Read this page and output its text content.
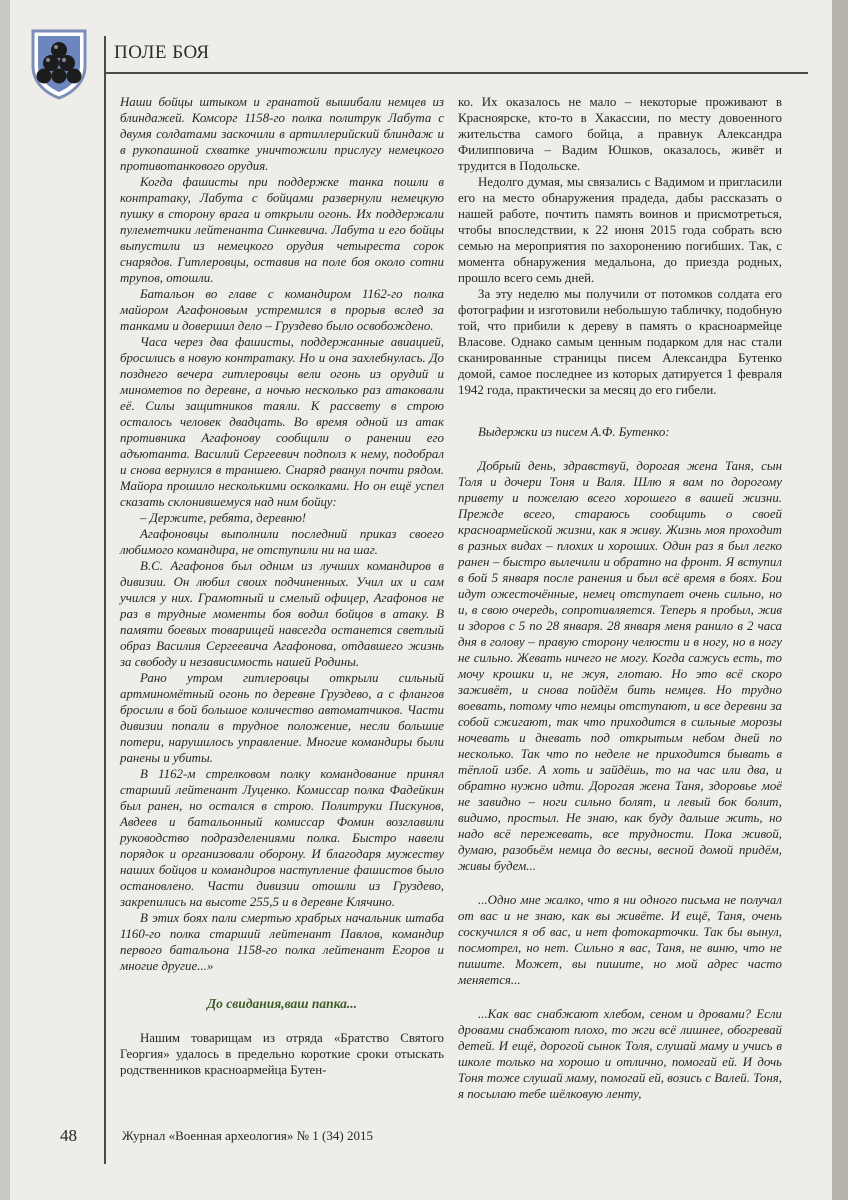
ПОЛЕ БОЯ

Наши бойцы штыком и гранатой вышибали немцев из блиндажей. Комсорг 1158-го полка политрук Лабута с двумя солдатами заскочили в артиллерийский блиндаж и в рукопашной схватке уничтожили прислугу немецкого противотанкового орудия.

Когда фашисты при поддержке танка пошли в контратаку, Лабута с бойцами развернули немецкую пушку в сторону врага и открыли огонь. Их поддержали пулеметчики лейтенанта Синкевича. Лабута и его бойцы выпустили из немецкого орудия четыреста сорок снарядов. Гитлеровцы, оставив на поле боя около сотни трупов, отошли.

Батальон во главе с командиром 1162-го полка майором Агафоновым устремился в прорыв вслед за танками и довершил дело – Груздево было освобождено.

Часа через два фашисты, поддержанные авиацией, бросились в новую контратаку. Но и она захлебнулась. До позднего вечера гитлеровцы вели огонь из орудий и минометов по деревне, а ночью несколько раз атаковали её. Силы защитников таяли. К рассвету в строю осталось человек двадцать. Во время одной из атак противника Агафонову сообщили о ранении его адъютанта. Василий Сергеевич подполз к нему, подобрал и снова вернулся в траншею. Снаряд рванул почти рядом. Майора прошило несколькими осколками. Но он ещё успел сказать склонившемуся над ним бойцу:

– Держите, ребята, деревню!

Агафоновцы выполнили последний приказ своего любимого командира, не отступили ни на шаг.

В.С. Агафонов был одним из лучших командиров в дивизии. Он любил своих подчиненных. Учил их и сам учился у них. Грамотный и смелый офицер, Агафонов не раз в трудные моменты боя водил бойцов в атаку. В памяти боевых товарищей навсегда останется светлый образ Василия Сергеевича Агафонова, отдавшего жизнь за свободу и независимость нашей Родины.

Рано утром гитлеровцы открыли сильный артминомётный огонь по деревне Груздево, а с флангов бросили в бой большое количество автоматчиков. Части дивизии попали в трудное положение, несли большие потери, нарушилось управление. Многие командиры были ранены и убиты.

В 1162-м стрелковом полку командование принял старший лейтенант Луценко. Комиссар полка Фадейкин был ранен, но остался в строю. Политруки Пискунов, Авдеев и батальонный комиссар Фомин возглавили руководство подразделениями полка. Быстро навели порядок и организовали оборону. И благодаря мужеству наших бойцов и командиров наступление фашистов было остановлено. Части дивизии отошли из Груздево, закрепились на высоте 255,5 и в деревне Клячино.

В этих боях пали смертью храбрых начальник штаба 1160-го полка старший лейтенант Павлов, командир первого батальона 1158-го полка лейтенант Егоров и многие другие...»

До свидания,ваш папка...

Нашим товарищам из отряда «Братство Святого Георгия» удалось в предельно короткие сроки отыскать родственников красноармейца Бутен-

ко. Их оказалось не мало – некоторые проживают в Красноярске, кто-то в Хакассии, по месту довоенного жительства самого бойца, а правнук Александра Филипповича – Вадим Юшков, оказалось, живёт и трудится в Подольске.

Недолго думая, мы связались с Вадимом и пригласили его на место обнаружения прадеда, дабы рассказать о нашей работе, почтить память воинов и присмотреться, чтобы впоследствии, к 22 июня 2015 года собрать всю семью на мероприятия по захоронению погибших. Так, с момента обнаружения медальона, до приезда родных, прошло всего семь дней.

За эту неделю мы получили от потомков солдата его фотографии и изготовили небольшую табличку, подобную той, что прибили к дереву в память о красноармейце Власове. Однако самым ценным подарком для нас стали сканированные страницы писем Александра Бутенко домой, самое последнее из которых датируется 1 февраля 1942 года, практически за месяц до его гибели.

Выдержки из писем А.Ф. Бутенко:

Добрый день, здравствуй, дорогая жена Таня, сын Толя и дочери Тоня и Валя. Шлю я вам по дорогому привету и пожелаю всего хорошего в вашей жизни. Прежде всего, стараюсь сообщить о своей красноармейской жизни, как я живу. Жизнь моя проходит в разных видах – плохих и хороших. Один раз я был легко ранен – быстро вылечили и обратно на фронт. Я вступил в бой 5 января после ранения и был всё время в боях. Бои идут ожесточённые, немец отступает очень сильно, но и, в свою очередь, сопротивляется. Теперь я пробыл, жив и здоров с 5 по 28 января. 28 января меня ранило в 2 часа дня в голову – правую сторону челюсти и в ногу, но в ногу не сильно. Жевать ничего не могу. Когда сажусь есть, то мочу крошки и, не жуя, глотаю. Но это всё скоро заживёт, и снова пойдём бить немцев. Но трудно воевать, потому что немцы отступают, и все деревни за собой сжигают, так что приходится в сильные морозы ночевать и дневать под открытым небом дней по несколько. Так что по неделе не приходится бывать в тёплой избе. А хоть и зайдёшь, то на час или два, и обратно нужно идти. Дорогая жена Таня, здоровье моё не завидно – ноги сильно болят, и левый бок болит, видимо, простыл. Не знаю, как буду дальше жить, но надо всё пережевать, все трудности. Пока живой, думаю, разобьём немца до весны, весной домой придём, живы будем...

...Одно мне жалко, что я ни одного письма не получал от вас и не знаю, как вы живёте. И ещё, Таня, очень соскучился я об вас, и нет фотокарточки. Так бы вынул, посмотрел, но нет. Сильно я вас, Таня, не виню, что не пишите. Может, вы пишите, но мой адрес часто меняется...

...Как вас снабжают хлебом, сеном и дровами? Если дровами снабжают плохо, то жги всё лишнее, обогревай детей. И ещё, дорогой сынок Толя, слушай маму и учись в школе только на хорошо и отлично, помогай ей. И дочь Тоня тоже слушай маму, помогай ей, возись с Валей. Тоня, я посылаю тебе шёлковую ленту,

48	Журнал «Военная археология» № 1 (34) 2015
